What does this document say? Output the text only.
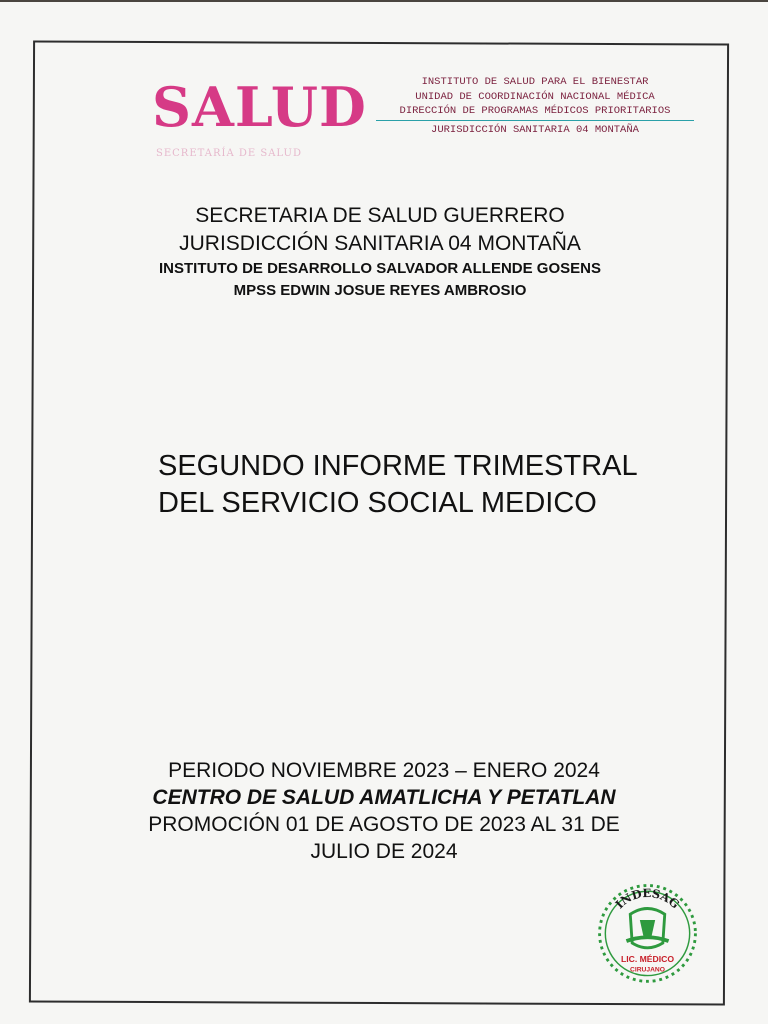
SALUD
SECRETARÍA DE SALUD
INSTITUTO DE SALUD PARA EL BIENESTAR
UNIDAD DE COORDINACIÓN NACIONAL MÉDICA
DIRECCIÓN DE PROGRAMAS MÉDICOS PRIORITARIOS
JURISDICCIÓN SANITARIA 04 MONTAÑA
SECRETARIA DE SALUD GUERRERO
JURISDICCIÓN SANITARIA 04 MONTAÑA
INSTITUTO DE DESARROLLO SALVADOR ALLENDE GOSENS
MPSS EDWIN JOSUE REYES AMBROSIO
SEGUNDO INFORME TRIMESTRAL
DEL SERVICIO SOCIAL MEDICO
PERIODO NOVIEMBRE 2023 – ENERO 2024
CENTRO DE SALUD AMATLICHA Y PETATLAN
PROMOCIÓN 01 DE AGOSTO DE 2023 AL 31 DE
JULIO DE 2024
INDESAG
LIC. MÉDICO
CIRUJANO
